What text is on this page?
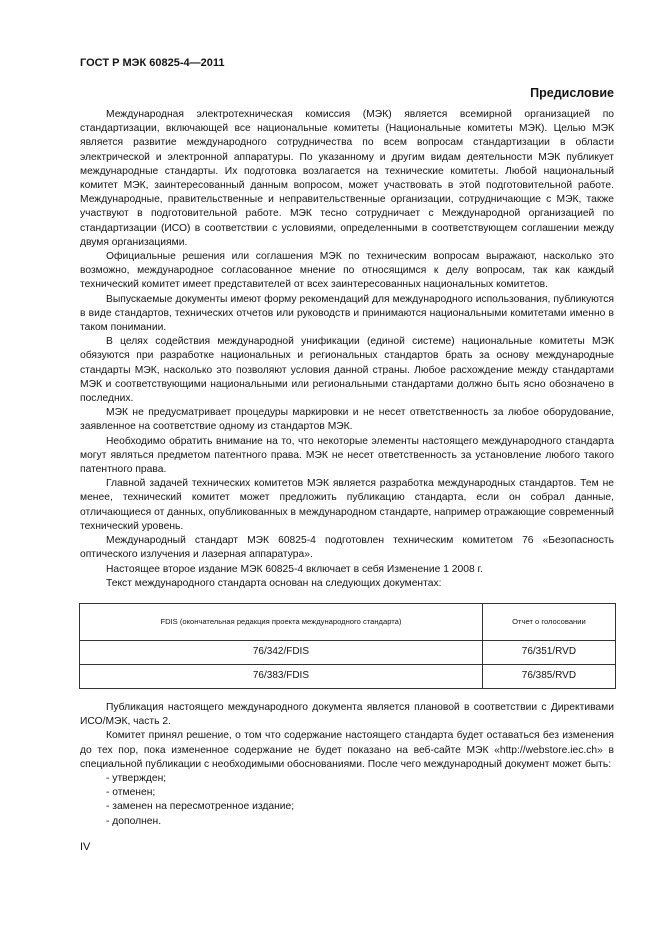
ГОСТ Р МЭК 60825-4—2011
Предисловие

Международная электротехническая комиссия (МЭК) является всемирной организацией по стандартизации, включающей все национальные комитеты (Национальные комитеты МЭК). Целью МЭК является развитие международного сотрудничества по всем вопросам стандартизации в области электрической и электронной аппаратуры. По указанному и другим видам деятельности МЭК публикует международные стандарты. Их подготовка возлагается на технические комитеты. Любой национальный комитет МЭК, заинтересованный данным вопросом, может участвовать в этой подготовительной работе. Международные, правительственные и неправительственные организации, сотрудничающие с МЭК, также участвуют в подготовительной работе. МЭК тесно сотрудничает с Международной организацией по стандартизации (ИСО) в соответствии с условиями, определенными в соответствующем соглашении между двумя организациями.

Официальные решения или соглашения МЭК по техническим вопросам выражают, насколько это возможно, международное согласованное мнение по относящимся к делу вопросам, так как каждый технический комитет имеет представителей от всех заинтересованных национальных комитетов.

Выпускаемые документы имеют форму рекомендаций для международного использования, публикуются в виде стандартов, технических отчетов или руководств и принимаются национальными комитетами именно в таком понимании.

В целях содействия международной унификации (единой системе) национальные комитеты МЭК обязуются при разработке национальных и региональных стандартов брать за основу международные стандарты МЭК, насколько это позволяют условия данной страны. Любое расхождение между стандартами МЭК и соответствующими национальными или региональными стандартами должно быть ясно обозначено в последних.

МЭК не предусматривает процедуры маркировки и не несет ответственность за любое оборудование, заявленное на соответствие одному из стандартов МЭК.

Необходимо обратить внимание на то, что некоторые элементы настоящего международного стандарта могут являться предметом патентного права. МЭК не несет ответственность за установление любого такого патентного права.

Главной задачей технических комитетов МЭК является разработка международных стандартов. Тем не менее, технический комитет может предложить публикацию стандарта, если он собрал данные, отличающиеся от данных, опубликованных в международном стандарте, например отражающие современный технический уровень.

Международный стандарт МЭК 60825-4 подготовлен техническим комитетом 76 «Безопасность оптического излучения и лазерная аппаратура».

Настоящее второе издание МЭК 60825-4 включает в себя Изменение 1 2008 г.

Текст международного стандарта основан на следующих документах:

FDIS (окончательная редакция проекта международного стандарта)	Отчет о голосовании
76/342/FDIS	76/351/RVD
76/383/FDIS	76/385/RVD

Публикация настоящего международного документа является плановой в соответствии с Директивами ИСО/МЭК, часть 2.

Комитет принял решение, о том что содержание настоящего стандарта будет оставаться без изменения до тех пор, пока измененное содержание не будет показано на веб-сайте МЭК «http://webstore.iec.ch» в специальной публикации с необходимыми обоснованиями. После чего международный документ может быть:

- утвержден;
- отменен;
- заменен на пересмотренное издание;
- дополнен.
IV
